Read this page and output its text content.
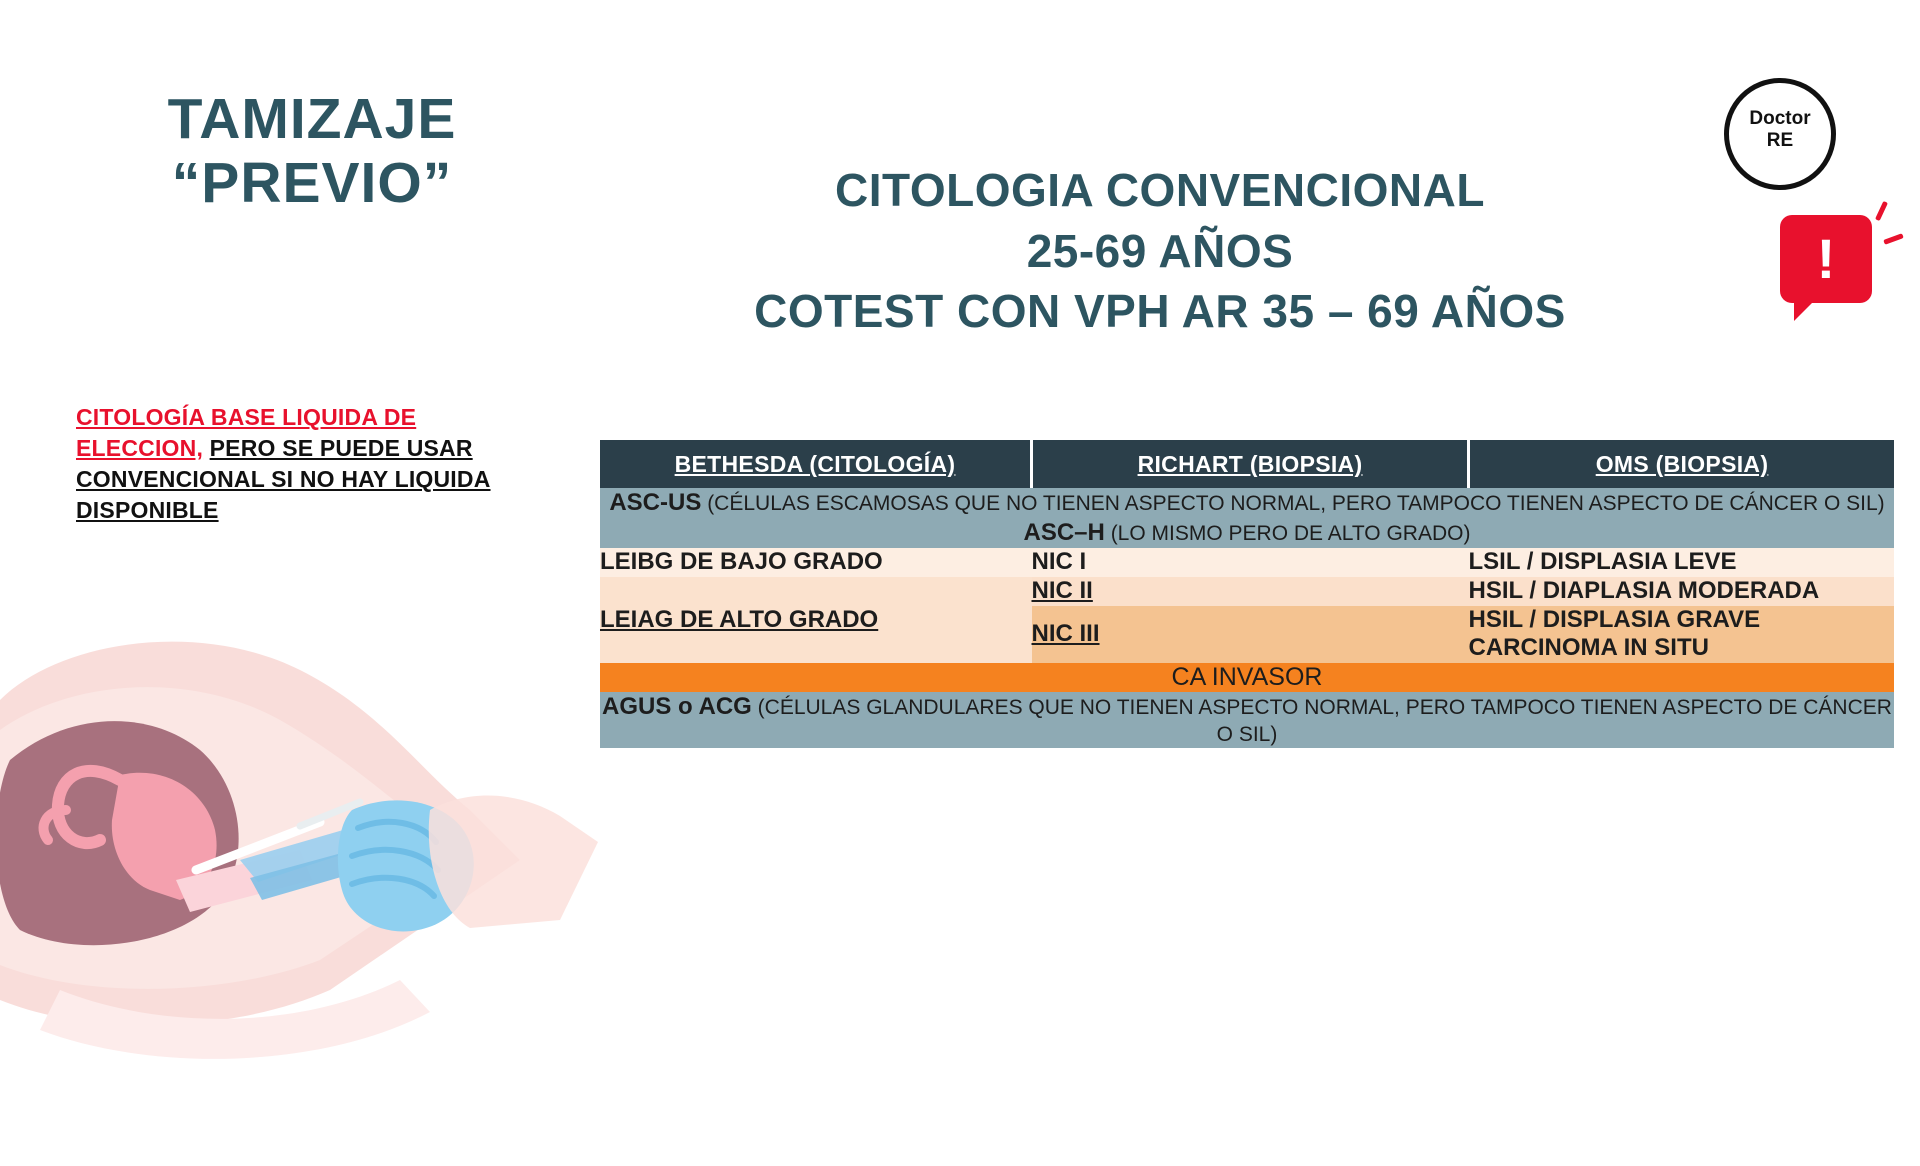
TAMIZAJE
“PREVIO”
CITOLOGÍA BASE LIQUIDA DE ELECCION, PERO SE PUEDE USAR CONVENCIONAL SI NO HAY LIQUIDA DISPONIBLE
CITOLOGIA CONVENCIONAL
25-69 AÑOS
COTEST CON VPH AR 35 – 69 AÑOS
Doctor
RE
!
BETHESDA (CITOLOGÍA)	RICHART (BIOPSIA)	OMS (BIOPSIA)
ASC-US (CÉLULAS ESCAMOSAS QUE NO TIENEN ASPECTO NORMAL, PERO TAMPOCO TIENEN ASPECTO DE CÁNCER O SIL) ASC–H (LO MISMO PERO DE ALTO GRADO)		
LEIBG DE BAJO GRADO	NIC I	LSIL / DISPLASIA LEVE
LEIAG DE ALTO GRADO	NIC II	HSIL / DIAPLASIA MODERADA
	NIC III	HSIL / DISPLASIA GRAVE
CARCINOMA IN SITU

CA INVASOR		
AGUS o ACG (CÉLULAS GLANDULARES QUE NO TIENEN ASPECTO NORMAL, PERO TAMPOCO TIENEN ASPECTO DE CÁNCER O SIL)		
